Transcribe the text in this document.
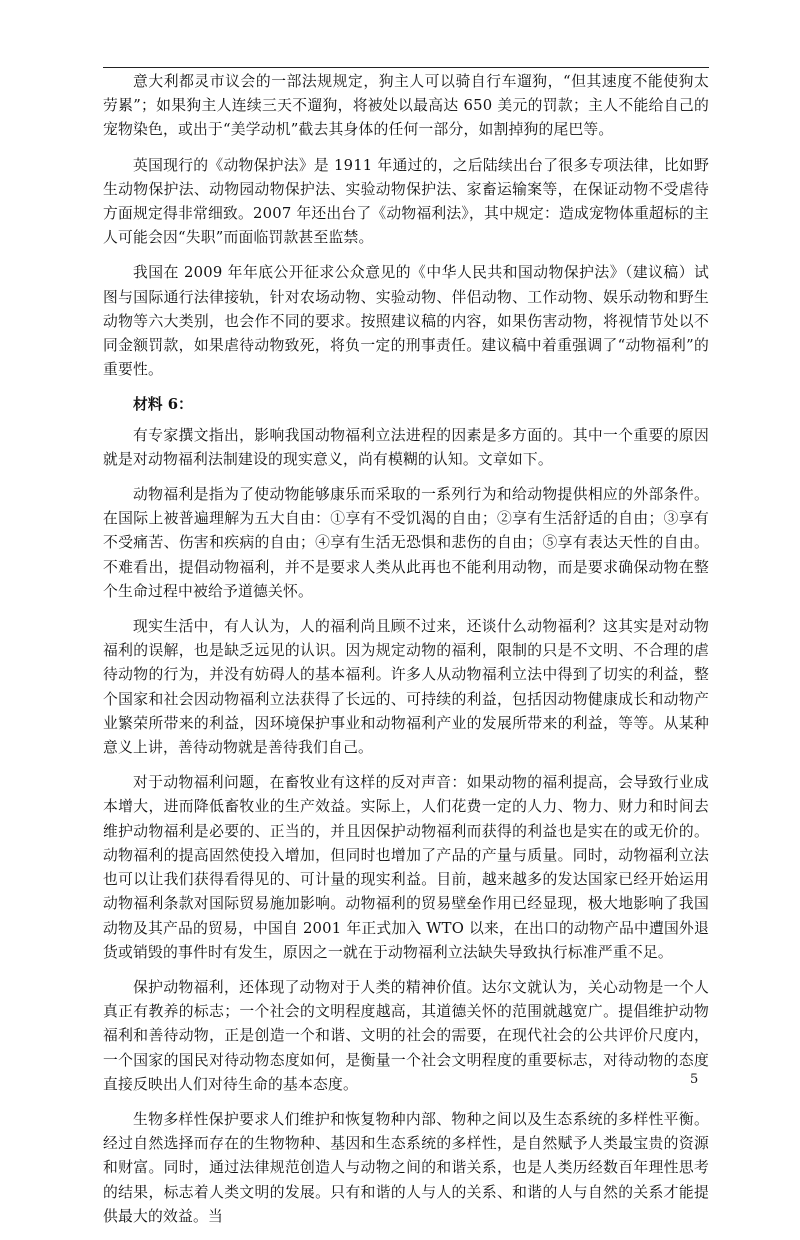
意大利都灵市议会的一部法规规定，狗主人可以骑自行车遛狗，“但其速度不能使狗太劳累”；如果狗主人连续三天不遛狗，将被处以最高达 650 美元的罚款；主人不能给自己的宠物染色，或出于“美学动机”截去其身体的任何一部分，如割掉狗的尾巴等。

英国现行的《动物保护法》是 1911 年通过的，之后陆续出台了很多专项法律，比如野生动物保护法、动物园动物保护法、实验动物保护法、家畜运输案等，在保证动物不受虐待方面规定得非常细致。2007 年还出台了《动物福利法》，其中规定：造成宠物体重超标的主人可能会因“失职”而面临罚款甚至监禁。

我国在 2009 年年底公开征求公众意见的《中华人民共和国动物保护法》（建议稿）试图与国际通行法律接轨，针对农场动物、实验动物、伴侣动物、工作动物、娱乐动物和野生动物等六大类别，也会作不同的要求。按照建议稿的内容，如果伤害动物，将视情节处以不同金额罚款，如果虐待动物致死，将负一定的刑事责任。建议稿中着重强调了“动物福利”的重要性。

材料 6：

有专家撰文指出，影响我国动物福利立法进程的因素是多方面的。其中一个重要的原因就是对动物福利法制建设的现实意义，尚有模糊的认知。文章如下。

动物福利是指为了使动物能够康乐而采取的一系列行为和给动物提供相应的外部条件。在国际上被普遍理解为五大自由：①享有不受饥渴的自由；②享有生活舒适的自由；③享有不受痛苦、伤害和疾病的自由；④享有生活无恐惧和悲伤的自由；⑤享有表达天性的自由。不难看出，提倡动物福利，并不是要求人类从此再也不能利用动物，而是要求确保动物在整个生命过程中被给予道德关怀。

现实生活中，有人认为，人的福利尚且顾不过来，还谈什么动物福利？这其实是对动物福利的误解，也是缺乏远见的认识。因为规定动物的福利，限制的只是不文明、不合理的虐待动物的行为，并没有妨碍人的基本福利。许多人从动物福利立法中得到了切实的利益，整个国家和社会因动物福利立法获得了长远的、可持续的利益，包括因动物健康成长和动物产业繁荣所带来的利益，因环境保护事业和动物福利产业的发展所带来的利益，等等。从某种意义上讲，善待动物就是善待我们自己。

对于动物福利问题，在畜牧业有这样的反对声音：如果动物的福利提高，会导致行业成本增大，进而降低畜牧业的生产效益。实际上，人们花费一定的人力、物力、财力和时间去维护动物福利是必要的、正当的，并且因保护动物福利而获得的利益也是实在的或无价的。动物福利的提高固然使投入增加，但同时也增加了产品的产量与质量。同时，动物福利立法也可以让我们获得看得见的、可计量的现实利益。目前，越来越多的发达国家已经开始运用动物福利条款对国际贸易施加影响。动物福利的贸易壁垒作用已经显现，极大地影响了我国动物及其产品的贸易，中国自 2001 年正式加入 WTO 以来，在出口的动物产品中遭国外退货或销毁的事件时有发生，原因之一就在于动物福利立法缺失导致执行标准严重不足。

保护动物福利，还体现了动物对于人类的精神价值。达尔文就认为，关心动物是一个人真正有教养的标志；一个社会的文明程度越高，其道德关怀的范围就越宽广。提倡维护动物福利和善待动物，正是创造一个和谐、文明的社会的需要，在现代社会的公共评价尺度内，一个国家的国民对待动物态度如何，是衡量一个社会文明程度的重要标志，对待动物的态度直接反映出人们对待生命的基本态度。

生物多样性保护要求人们维护和恢复物种内部、物种之间以及生态系统的多样性平衡。经过自然选择而存在的生物物种、基因和生态系统的多样性，是自然赋予人类最宝贵的资源和财富。同时，通过法律规范创造人与动物之间的和谐关系，也是人类历经数百年理性思考的结果，标志着人类文明的发展。只有和谐的人与人的关系、和谐的人与自然的关系才能提供最大的效益。当

5
